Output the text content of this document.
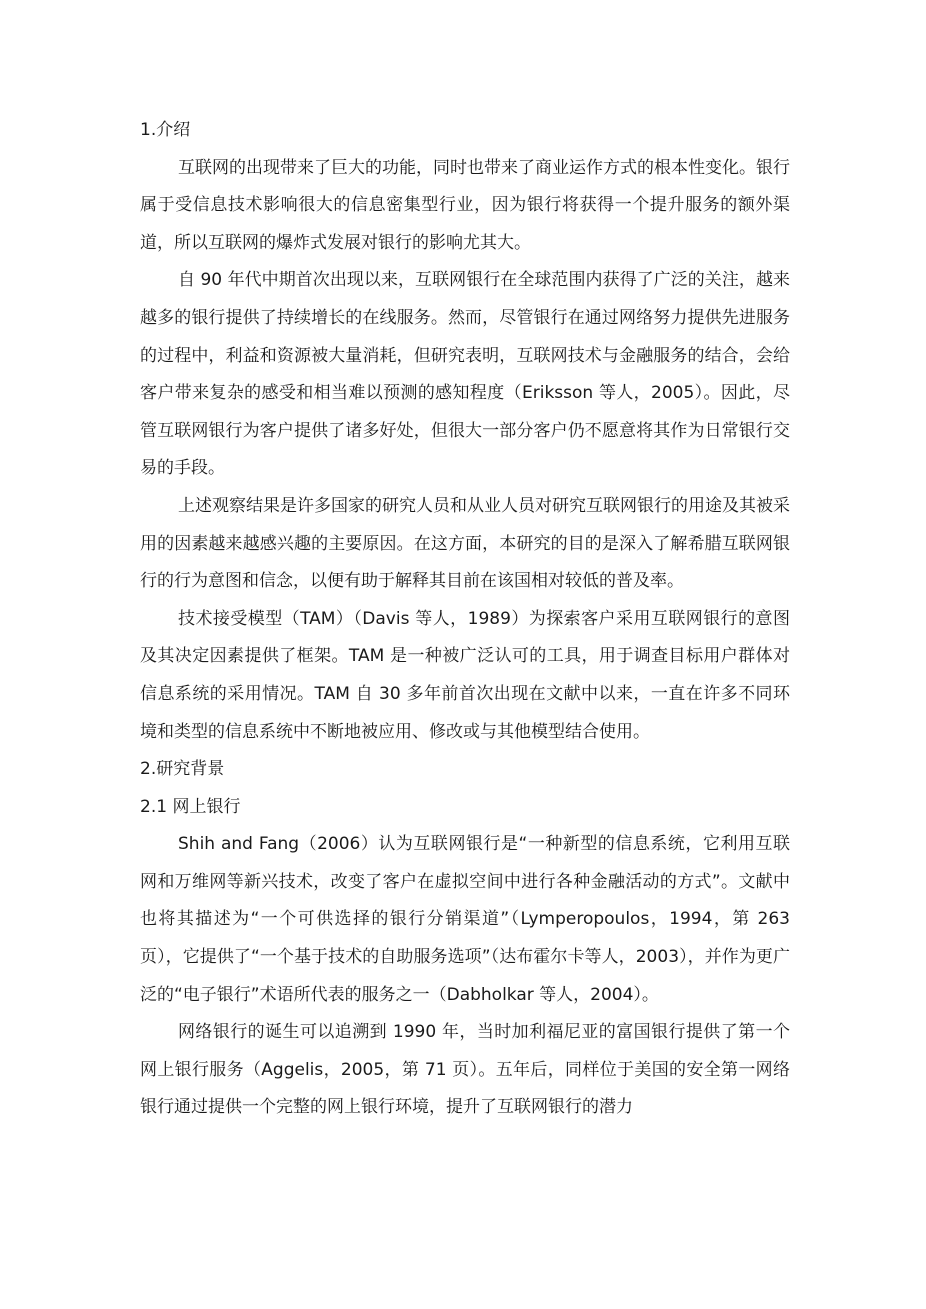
1.介绍

互联网的出现带来了巨大的功能，同时也带来了商业运作方式的根本性变化。银行属于受信息技术影响很大的信息密集型行业，因为银行将获得一个提升服务的额外渠道，所以互联网的爆炸式发展对银行的影响尤其大。

自 90 年代中期首次出现以来，互联网银行在全球范围内获得了广泛的关注，越来越多的银行提供了持续增长的在线服务。然而，尽管银行在通过网络努力提供先进服务的过程中，利益和资源被大量消耗，但研究表明，互联网技术与金融服务的结合，会给客户带来复杂的感受和相当难以预测的感知程度（Eriksson 等人，2005）。因此，尽管互联网银行为客户提供了诸多好处，但很大一部分客户仍不愿意将其作为日常银行交易的手段。

上述观察结果是许多国家的研究人员和从业人员对研究互联网银行的用途及其被采用的因素越来越感兴趣的主要原因。在这方面，本研究的目的是深入了解希腊互联网银行的行为意图和信念，以便有助于解释其目前在该国相对较低的普及率。

技术接受模型（TAM）（Davis 等人，1989）为探索客户采用互联网银行的意图及其决定因素提供了框架。TAM 是一种被广泛认可的工具，用于调查目标用户群体对信息系统的采用情况。TAM 自 30 多年前首次出现在文献中以来，一直在许多不同环境和类型的信息系统中不断地被应用、修改或与其他模型结合使用。

2.研究背景

2.1 网上银行

Shih and Fang（2006）认为互联网银行是“一种新型的信息系统，它利用互联网和万维网等新兴技术，改变了客户在虚拟空间中进行各种金融活动的方式”。文献中也将其描述为“一个可供选择的银行分销渠道”（Lymperopoulos，1994，第 263 页），它提供了“一个基于技术的自助服务选项”（达布霍尔卡等人，2003），并作为更广泛的“电子银行”术语所代表的服务之一（Dabholkar 等人，2004）。

网络银行的诞生可以追溯到 1990 年，当时加利福尼亚的富国银行提供了第一个网上银行服务（Aggelis，2005，第 71 页）。五年后，同样位于美国的安全第一网络银行通过提供一个完整的网上银行环境，提升了互联网银行的潜力
